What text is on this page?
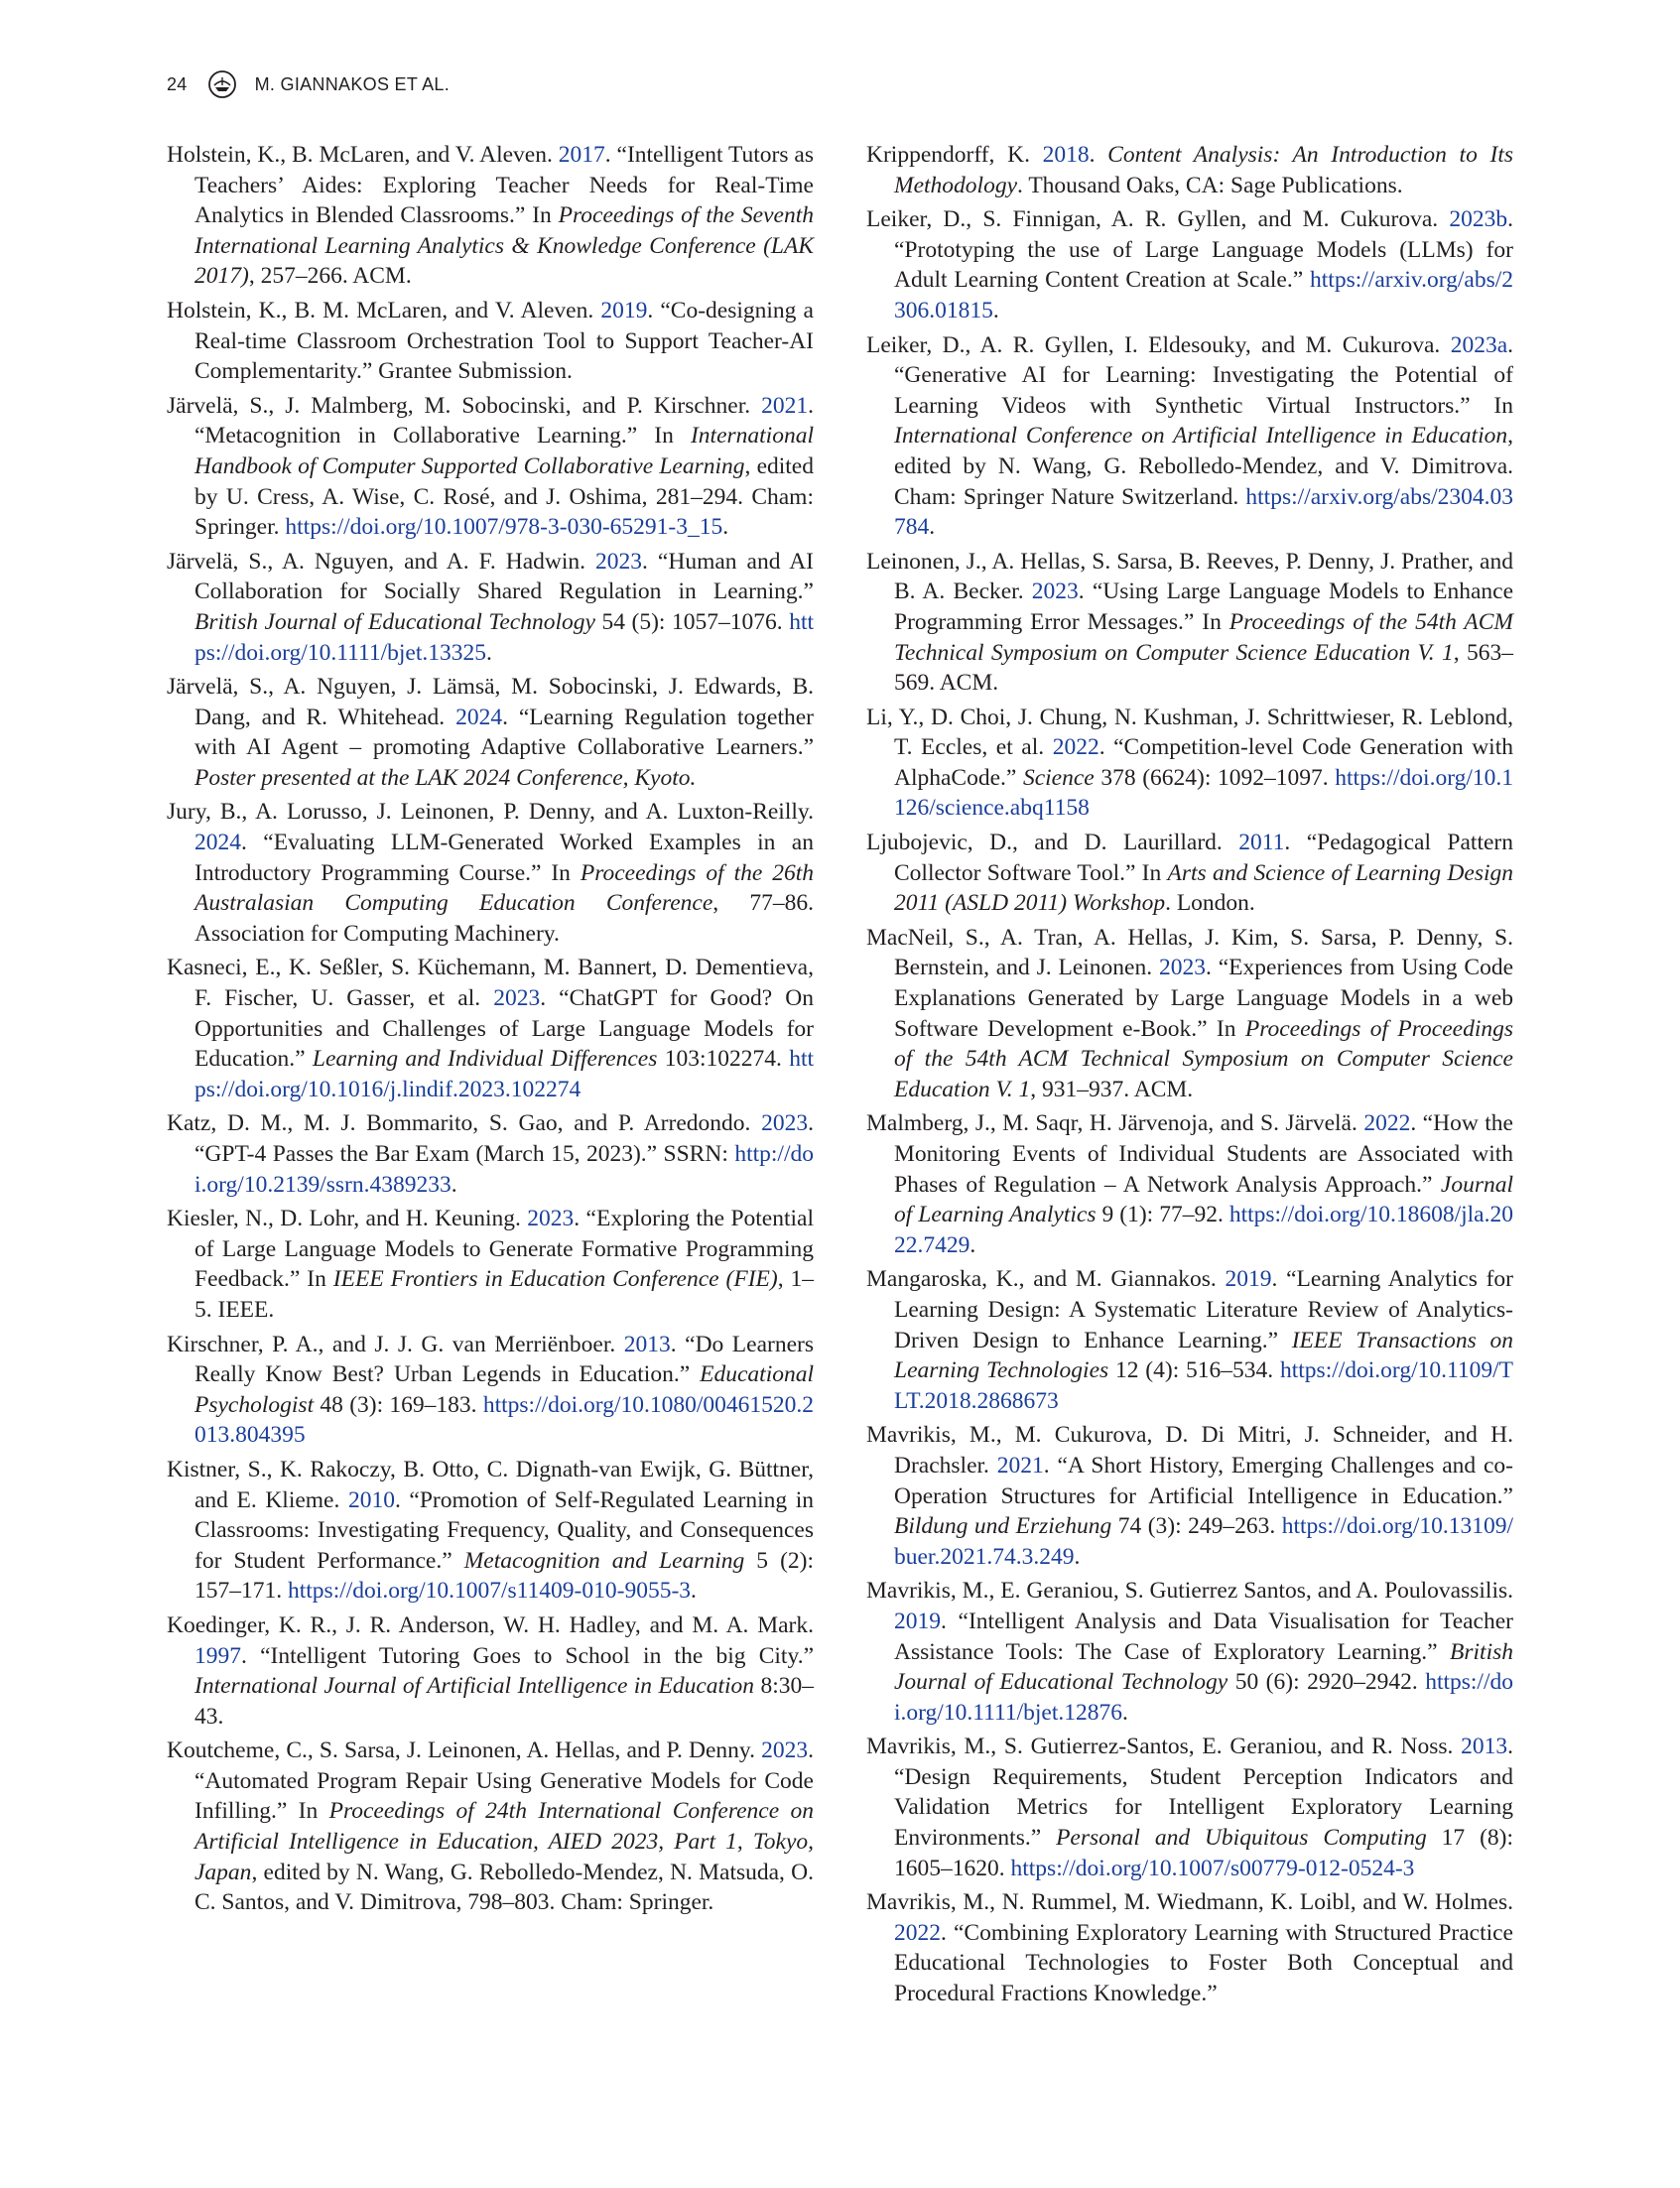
24	M. GIANNAKOS ET AL.

Holstein, K., B. McLaren, and V. Aleven. 2017. “Intelligent Tutors as Teachers’ Aides: Exploring Teacher Needs for Real-Time Analytics in Blended Classrooms.” In Proceedings of the Seventh International Learning Analytics & Knowledge Conference (LAK 2017), 257–266. ACM.

Holstein, K., B. M. McLaren, and V. Aleven. 2019. “Co-designing a Real-time Classroom Orchestration Tool to Support Teacher-AI Complementarity.” Grantee Submission.

Järvelä, S., J. Malmberg, M. Sobocinski, and P. Kirschner. 2021. “Metacognition in Collaborative Learning.” In International Handbook of Computer Supported Collaborative Learning, edited by U. Cress, A. Wise, C. Rosé, and J. Oshima, 281–294. Cham: Springer. https://doi.org/10.1007/978-3-030-65291-3_15.

Järvelä, S., A. Nguyen, and A. F. Hadwin. 2023. “Human and AI Collaboration for Socially Shared Regulation in Learning.” British Journal of Educational Technology 54 (5): 1057–1076. https://doi.org/10.1111/bjet.13325.

Järvelä, S., A. Nguyen, J. Lämsä, M. Sobocinski, J. Edwards, B. Dang, and R. Whitehead. 2024. “Learning Regulation together with AI Agent – promoting Adaptive Collaborative Learners.” Poster presented at the LAK 2024 Conference, Kyoto.

Jury, B., A. Lorusso, J. Leinonen, P. Denny, and A. Luxton-Reilly. 2024. “Evaluating LLM-Generated Worked Examples in an Introductory Programming Course.” In Proceedings of the 26th Australasian Computing Education Conference, 77–86. Association for Computing Machinery.

Kasneci, E., K. Seßler, S. Küchemann, M. Bannert, D. Dementieva, F. Fischer, U. Gasser, et al. 2023. “ChatGPT for Good? On Opportunities and Challenges of Large Language Models for Education.” Learning and Individual Differences 103:102274. https://doi.org/10.1016/j.lindif.2023.102274

Katz, D. M., M. J. Bommarito, S. Gao, and P. Arredondo. 2023. “GPT-4 Passes the Bar Exam (March 15, 2023).” SSRN: http://doi.org/10.2139/ssrn.4389233.

Kiesler, N., D. Lohr, and H. Keuning. 2023. “Exploring the Potential of Large Language Models to Generate Formative Programming Feedback.” In IEEE Frontiers in Education Conference (FIE), 1–5. IEEE.

Kirschner, P. A., and J. J. G. van Merriënboer. 2013. “Do Learners Really Know Best? Urban Legends in Education.” Educational Psychologist 48 (3): 169–183. https://doi.org/10.1080/00461520.2013.804395

Kistner, S., K. Rakoczy, B. Otto, C. Dignath-van Ewijk, G. Büttner, and E. Klieme. 2010. “Promotion of Self-Regulated Learning in Classrooms: Investigating Frequency, Quality, and Consequences for Student Performance.” Metacognition and Learning 5 (2): 157–171. https://doi.org/10.1007/s11409-010-9055-3.

Koedinger, K. R., J. R. Anderson, W. H. Hadley, and M. A. Mark. 1997. “Intelligent Tutoring Goes to School in the big City.” International Journal of Artificial Intelligence in Education 8:30–43.

Koutcheme, C., S. Sarsa, J. Leinonen, A. Hellas, and P. Denny. 2023. “Automated Program Repair Using Generative Models for Code Infilling.” In Proceedings of 24th International Conference on Artificial Intelligence in Education, AIED 2023, Part 1, Tokyo, Japan, edited by N. Wang, G. Rebolledo-Mendez, N. Matsuda, O. C. Santos, and V. Dimitrova, 798–803. Cham: Springer.

Krippendorff, K. 2018. Content Analysis: An Introduction to Its Methodology. Thousand Oaks, CA: Sage Publications.

Leiker, D., S. Finnigan, A. R. Gyllen, and M. Cukurova. 2023b. “Prototyping the use of Large Language Models (LLMs) for Adult Learning Content Creation at Scale.” https://arxiv.org/abs/2306.01815.

Leiker, D., A. R. Gyllen, I. Eldesouky, and M. Cukurova. 2023a. “Generative AI for Learning: Investigating the Potential of Learning Videos with Synthetic Virtual Instructors.” In International Conference on Artificial Intelligence in Education, edited by N. Wang, G. Rebolledo-Mendez, and V. Dimitrova. Cham: Springer Nature Switzerland. https://arxiv.org/abs/2304.03784.

Leinonen, J., A. Hellas, S. Sarsa, B. Reeves, P. Denny, J. Prather, and B. A. Becker. 2023. “Using Large Language Models to Enhance Programming Error Messages.” In Proceedings of the 54th ACM Technical Symposium on Computer Science Education V. 1, 563–569. ACM.

Li, Y., D. Choi, J. Chung, N. Kushman, J. Schrittwieser, R. Leblond, T. Eccles, et al. 2022. “Competition-level Code Generation with AlphaCode.” Science 378 (6624): 1092–1097. https://doi.org/10.1126/science.abq1158

Ljubojevic, D., and D. Laurillard. 2011. “Pedagogical Pattern Collector Software Tool.” In Arts and Science of Learning Design 2011 (ASLD 2011) Workshop. London.

MacNeil, S., A. Tran, A. Hellas, J. Kim, S. Sarsa, P. Denny, S. Bernstein, and J. Leinonen. 2023. “Experiences from Using Code Explanations Generated by Large Language Models in a web Software Development e-Book.” In Proceedings of Proceedings of the 54th ACM Technical Symposium on Computer Science Education V. 1, 931–937. ACM.

Malmberg, J., M. Saqr, H. Järvenoja, and S. Järvelä. 2022. “How the Monitoring Events of Individual Students are Associated with Phases of Regulation – A Network Analysis Approach.” Journal of Learning Analytics 9 (1): 77–92. https://doi.org/10.18608/jla.2022.7429.

Mangaroska, K., and M. Giannakos. 2019. “Learning Analytics for Learning Design: A Systematic Literature Review of Analytics-Driven Design to Enhance Learning.” IEEE Transactions on Learning Technologies 12 (4): 516–534. https://doi.org/10.1109/TLT.2018.2868673

Mavrikis, M., M. Cukurova, D. Di Mitri, J. Schneider, and H. Drachsler. 2021. “A Short History, Emerging Challenges and co-Operation Structures for Artificial Intelligence in Education.” Bildung und Erziehung 74 (3): 249–263. https://doi.org/10.13109/buer.2021.74.3.249.

Mavrikis, M., E. Geraniou, S. Gutierrez Santos, and A. Poulovassilis. 2019. “Intelligent Analysis and Data Visualisation for Teacher Assistance Tools: The Case of Exploratory Learning.” British Journal of Educational Technology 50 (6): 2920–2942. https://doi.org/10.1111/bjet.12876.

Mavrikis, M., S. Gutierrez-Santos, E. Geraniou, and R. Noss. 2013. “Design Requirements, Student Perception Indicators and Validation Metrics for Intelligent Exploratory Learning Environments.” Personal and Ubiquitous Computing 17 (8): 1605–1620. https://doi.org/10.1007/s00779-012-0524-3

Mavrikis, M., N. Rummel, M. Wiedmann, K. Loibl, and W. Holmes. 2022. “Combining Exploratory Learning with Structured Practice Educational Technologies to Foster Both Conceptual and Procedural Fractions Knowledge.”
